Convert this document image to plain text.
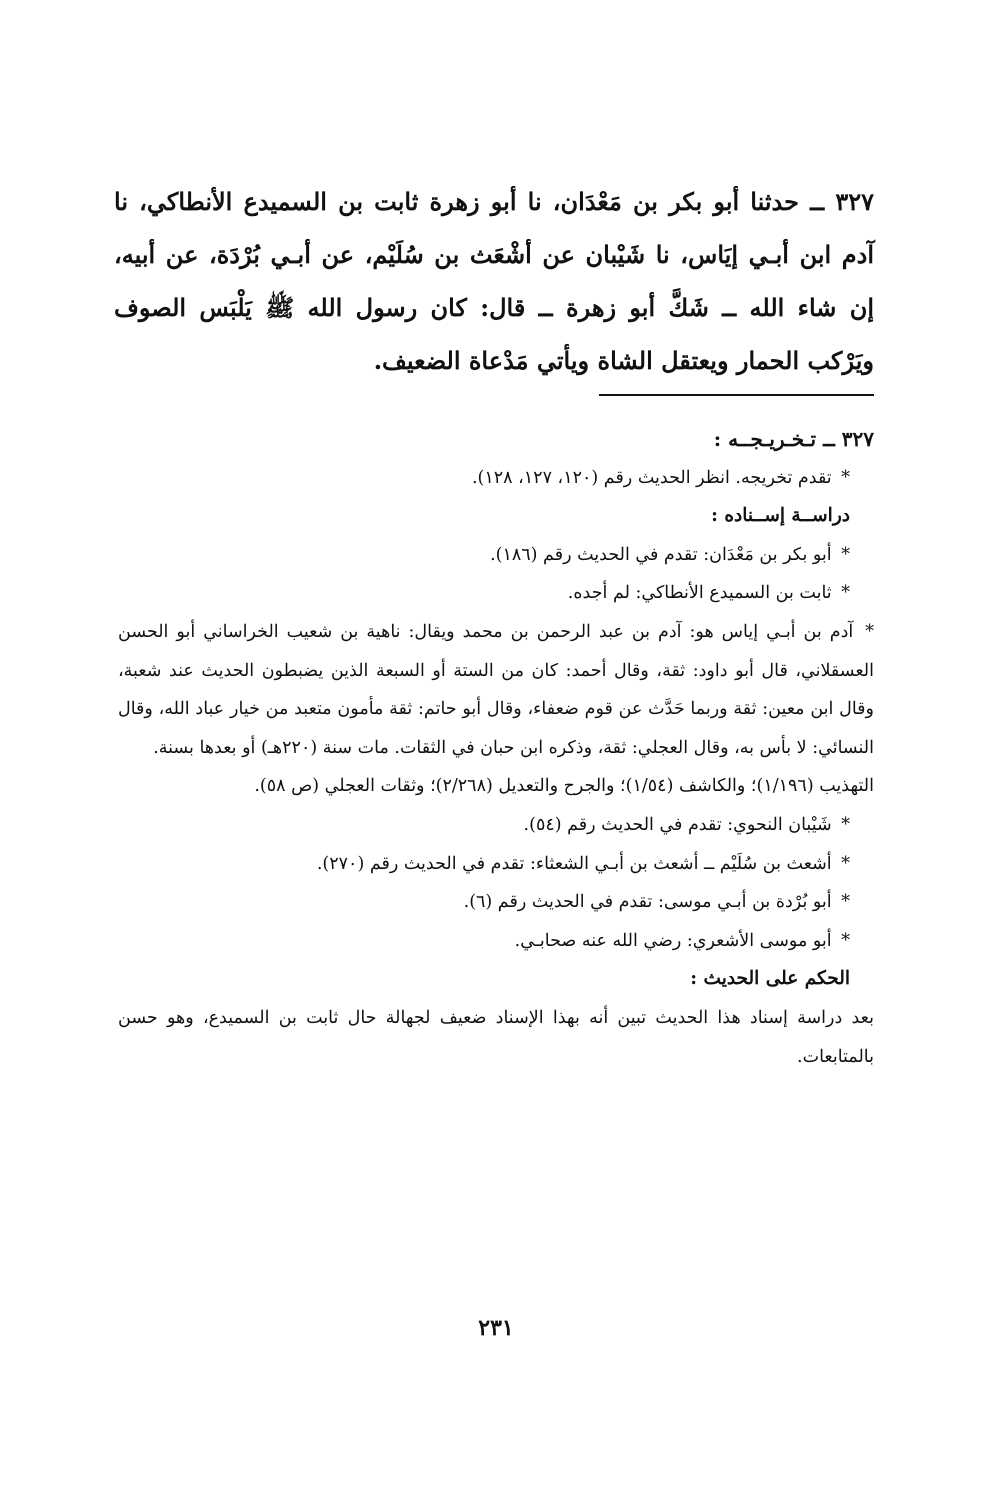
٣٢٧ ــ حدثنا أبو بكر بن مَعْدَان، نا أبو زهرة ثابت بن السميدع الأنطاكي، نا آدم ابن أبـي إيَاس، نا شَيْبان عن أشْعَث بن سُلَيْم، عن أبـي بُرْدَة، عن أبيه، إن شاء الله ــ شَكَّ أبو زهرة ــ قال: كان رسول الله ﷺ يَلْبَس الصوف ويَرْكب الحمار ويعتقل الشاة ويأتي مَدْعاة الضعيف.

٣٢٧ ــ تـخـريـجــه :

* تقدم تخريجه. انظر الحديث رقم (١٢٠، ١٢٧، ١٢٨).

دراســة إســناده :

* أبو بكر بن مَعْدَان: تقدم في الحديث رقم (١٨٦).

* ثابت بن السميدع الأنطاكي: لم أجده.

* آدم بن أبـي إياس هو: آدم بن عبد الرحمن بن محمد ويقال: ناهية بن شعيب الخراساني أبو الحسن العسقلاني، قال أبو داود: ثقة، وقال أحمد: كان من الستة أو السبعة الذين يضبطون الحديث عند شعبة، وقال ابن معين: ثقة وربما حَدَّث عن قوم ضعفاء، وقال أبو حاتم: ثقة مأمون متعبد من خيار عباد الله، وقال النسائي: لا بأس به، وقال العجلي: ثقة، وذكره ابن حبان في الثقات. مات سنة (٢٢٠هـ) أو بعدها بسنة.

التهذيب (١/١٩٦)؛ والكاشف (١/٥٤)؛ والجرح والتعديل (٢/٢٦٨)؛ وثقات العجلي (ص ٥٨).

* شَيْبان النحوي: تقدم في الحديث رقم (٥٤).

* أشعث بن سُلَيْم ــ أشعث بن أبـي الشعثاء: تقدم في الحديث رقم (٢٧٠).

* أبو بُرْدة بن أبـي موسى: تقدم في الحديث رقم (٦).

* أبو موسى الأشعري: رضي الله عنه صحابـي.

الحكم على الحديث :

بعد دراسة إسناد هذا الحديث تبين أنه بهذا الإسناد ضعيف لجهالة حال ثابت بن السميدع، وهو حسن بالمتابعات.

٢٣١
